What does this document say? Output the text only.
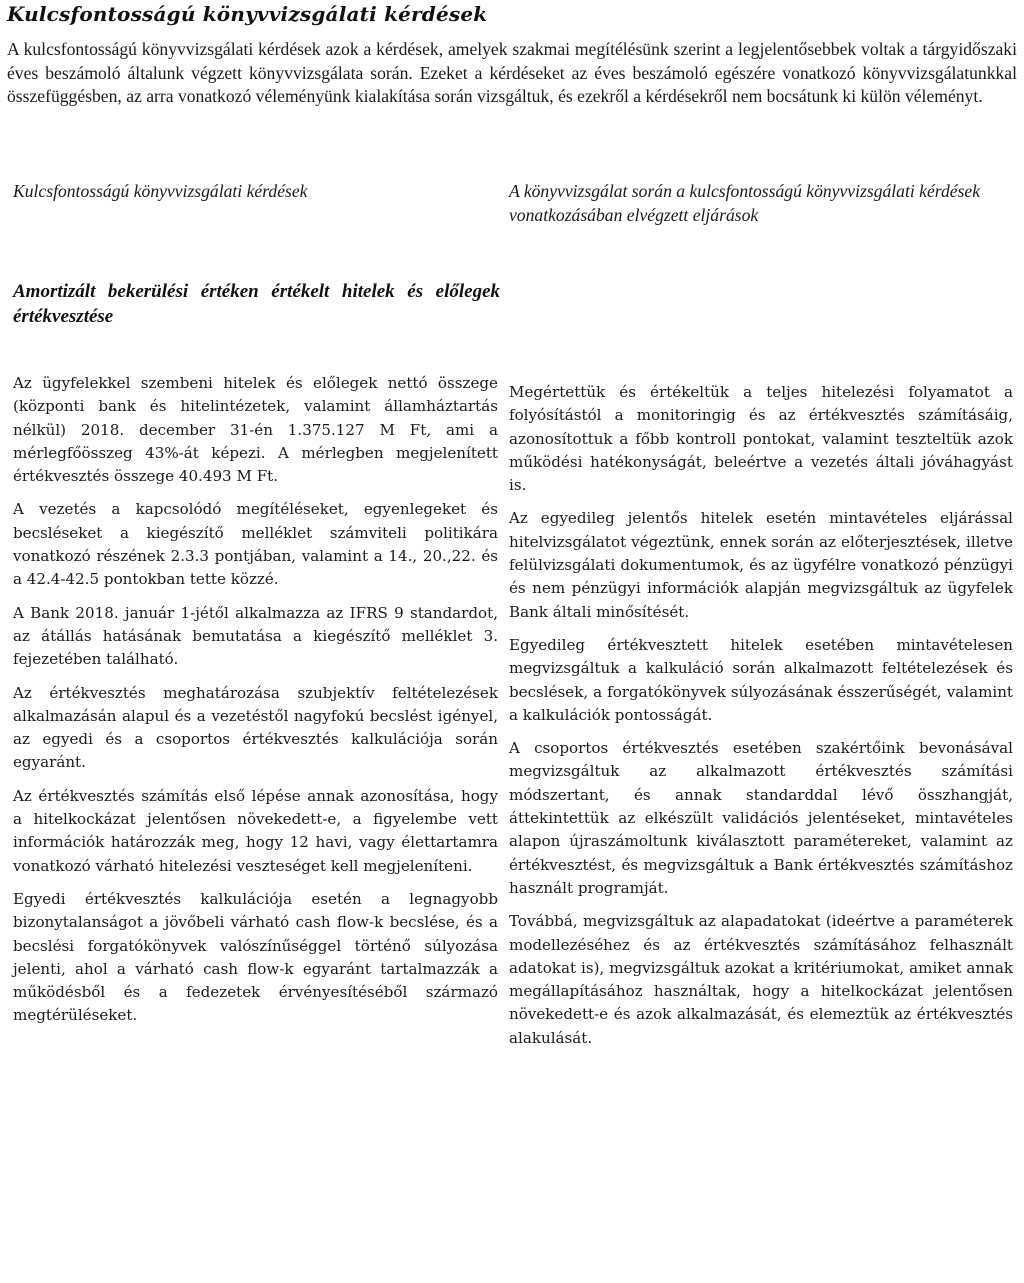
Kulcsfontosságú könyvvizsgálati kérdések

A kulcsfontosságú könyvvizsgálati kérdések azok a kérdések, amelyek szakmai megítélésünk szerint a legjelentősebbek voltak a tárgyidőszaki éves beszámoló általunk végzett könyvvizsgálata során. Ezeket a kérdéseket az éves beszámoló egészére vonatkozó könyvvizsgálatunkkal összefüggésben, az arra vonatkozó véleményünk kialakítása során vizsgáltuk, és ezekről a kérdésekről nem bocsátunk ki külön véleményt.

Kulcsfontosságú könyvvizsgálati kérdések	A könyvvizsgálat során a kulcsfontosságú könyvvizsgálati kérdések vonatkozásában elvégzett eljárások

Amortizált bekerülési értéken értékelt hitelek és előlegek értékvesztése

Az ügyfelekkel szembeni hitelek és előlegek nettó összege (központi bank és hitelintézetek, valamint államháztartás nélkül) 2018. december 31-én 1.375.127 M Ft, ami a mérlegfőösszeg 43%-át képezi. A mérlegben megjelenített értékvesztés összege 40.493 M Ft.

A vezetés a kapcsolódó megítéléseket, egyenlegeket és becsléseket a kiegészítő melléklet számviteli politikára vonatkozó részének 2.3.3 pontjában, valamint a 14., 20.,22. és a 42.4-42.5 pontokban tette közzé.

A Bank 2018. január 1-jétől alkalmazza az IFRS 9 standardot, az átállás hatásának bemutatása a kiegészítő melléklet 3. fejezetében található.

Az értékvesztés meghatározása szubjektív feltételezések alkalmazásán alapul és a vezetéstől nagyfokú becslést igényel, az egyedi és a csoportos értékvesztés kalkulációja során egyaránt.

Az értékvesztés számítás első lépése annak azonosítása, hogy a hitelkockázat jelentősen növekedett-e, a figyelembe vett információk határozzák meg, hogy 12 havi, vagy élettartamra vonatkozó várható hitelezési veszteséget kell megjeleníteni.

Egyedi értékvesztés kalkulációja esetén a legnagyobb bizonytalanságot a jövőbeli várható cash flow-k becslése, és a becslési forgatókönyvek valószínűséggel történő súlyozása jelenti, ahol a várható cash flow-k egyaránt tartalmazzák a működésből és a fedezetek érvényesítéséből származó megtérüléseket.

Megértettük és értékeltük a teljes hitelezési folyamatot a folyósítástól a monitoringig és az értékvesztés számításáig, azonosítottuk a főbb kontroll pontokat, valamint teszteltük azok működési hatékonyságát, beleértve a vezetés általi jóváhagyást is.

Az egyedileg jelentős hitelek esetén mintavételes eljárással hitelvizsgálatot végeztünk, ennek során az előterjesztések, illetve felülvizsgálati dokumentumok, és az ügyfélre vonatkozó pénzügyi és nem pénzügyi információk alapján megvizsgáltuk az ügyfelek Bank általi minősítését.

Egyedileg értékvesztett hitelek esetében mintavételesen megvizsgáltuk a kalkuláció során alkalmazott feltételezések és becslések, a forgatókönyvek súlyozásának ésszerűségét, valamint a kalkulációk pontosságát.

A csoportos értékvesztés esetében szakértőink bevonásával megvizsgáltuk az alkalmazott értékvesztés számítási módszertant, és annak standarddal lévő összhangját, áttekintettük az elkészült validációs jelentéseket, mintavételes alapon újraszámoltunk kiválasztott paramétereket, valamint az értékvesztést, és megvizsgáltuk a Bank értékvesztés számításhoz használt programját.

Továbbá, megvizsgáltuk az alapadatokat (ideértve a paraméterek modellezéséhez és az értékvesztés számításához felhasznált adatokat is), megvizsgáltuk azokat a kritériumokat, amiket annak megállapításához használtak, hogy a hitelkockázat jelentősen növekedett-e és azok alkalmazását, és elemeztük az értékvesztés alakulását.
